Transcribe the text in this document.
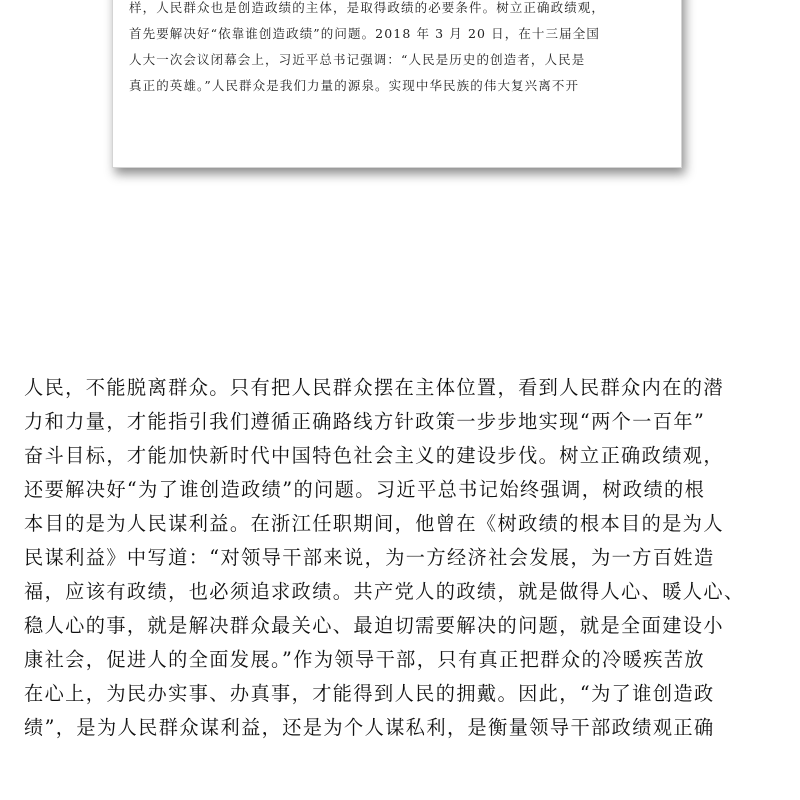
样，人民群众也是创造政绩的主体，是取得政绩的必要条件。树立正确政绩观，
首先要解决好“依靠谁创造政绩”的问题。2018 年 3 月 20 日，在十三届全国
人大一次会议闭幕会上，习近平总书记强调：“人民是历史的创造者，人民是
真正的英雄。”人民群众是我们力量的源泉。实现中华民族的伟大复兴离不开

人民，不能脱离群众。只有把人民群众摆在主体位置，看到人民群众内在的潜
力和力量，才能指引我们遵循正确路线方针政策一步步地实现“两个一百年”
奋斗目标，才能加快新时代中国特色社会主义的建设步伐。树立正确政绩观，
还要解决好“为了谁创造政绩”的问题。习近平总书记始终强调，树政绩的根
本目的是为人民谋利益。在浙江任职期间，他曾在《树政绩的根本目的是为人
民谋利益》中写道：“对领导干部来说，为一方经济社会发展，为一方百姓造
福，应该有政绩，也必须追求政绩。共产党人的政绩，就是做得人心、暖人心、
稳人心的事，就是解决群众最关心、最迫切需要解决的问题，就是全面建设小
康社会，促进人的全面发展。”作为领导干部，只有真正把群众的冷暖疾苦放
在心上，为民办实事、办真事，才能得到人民的拥戴。因此，“为了谁创造政
绩”，是为人民群众谋利益，还是为个人谋私利，是衡量领导干部政绩观正确
